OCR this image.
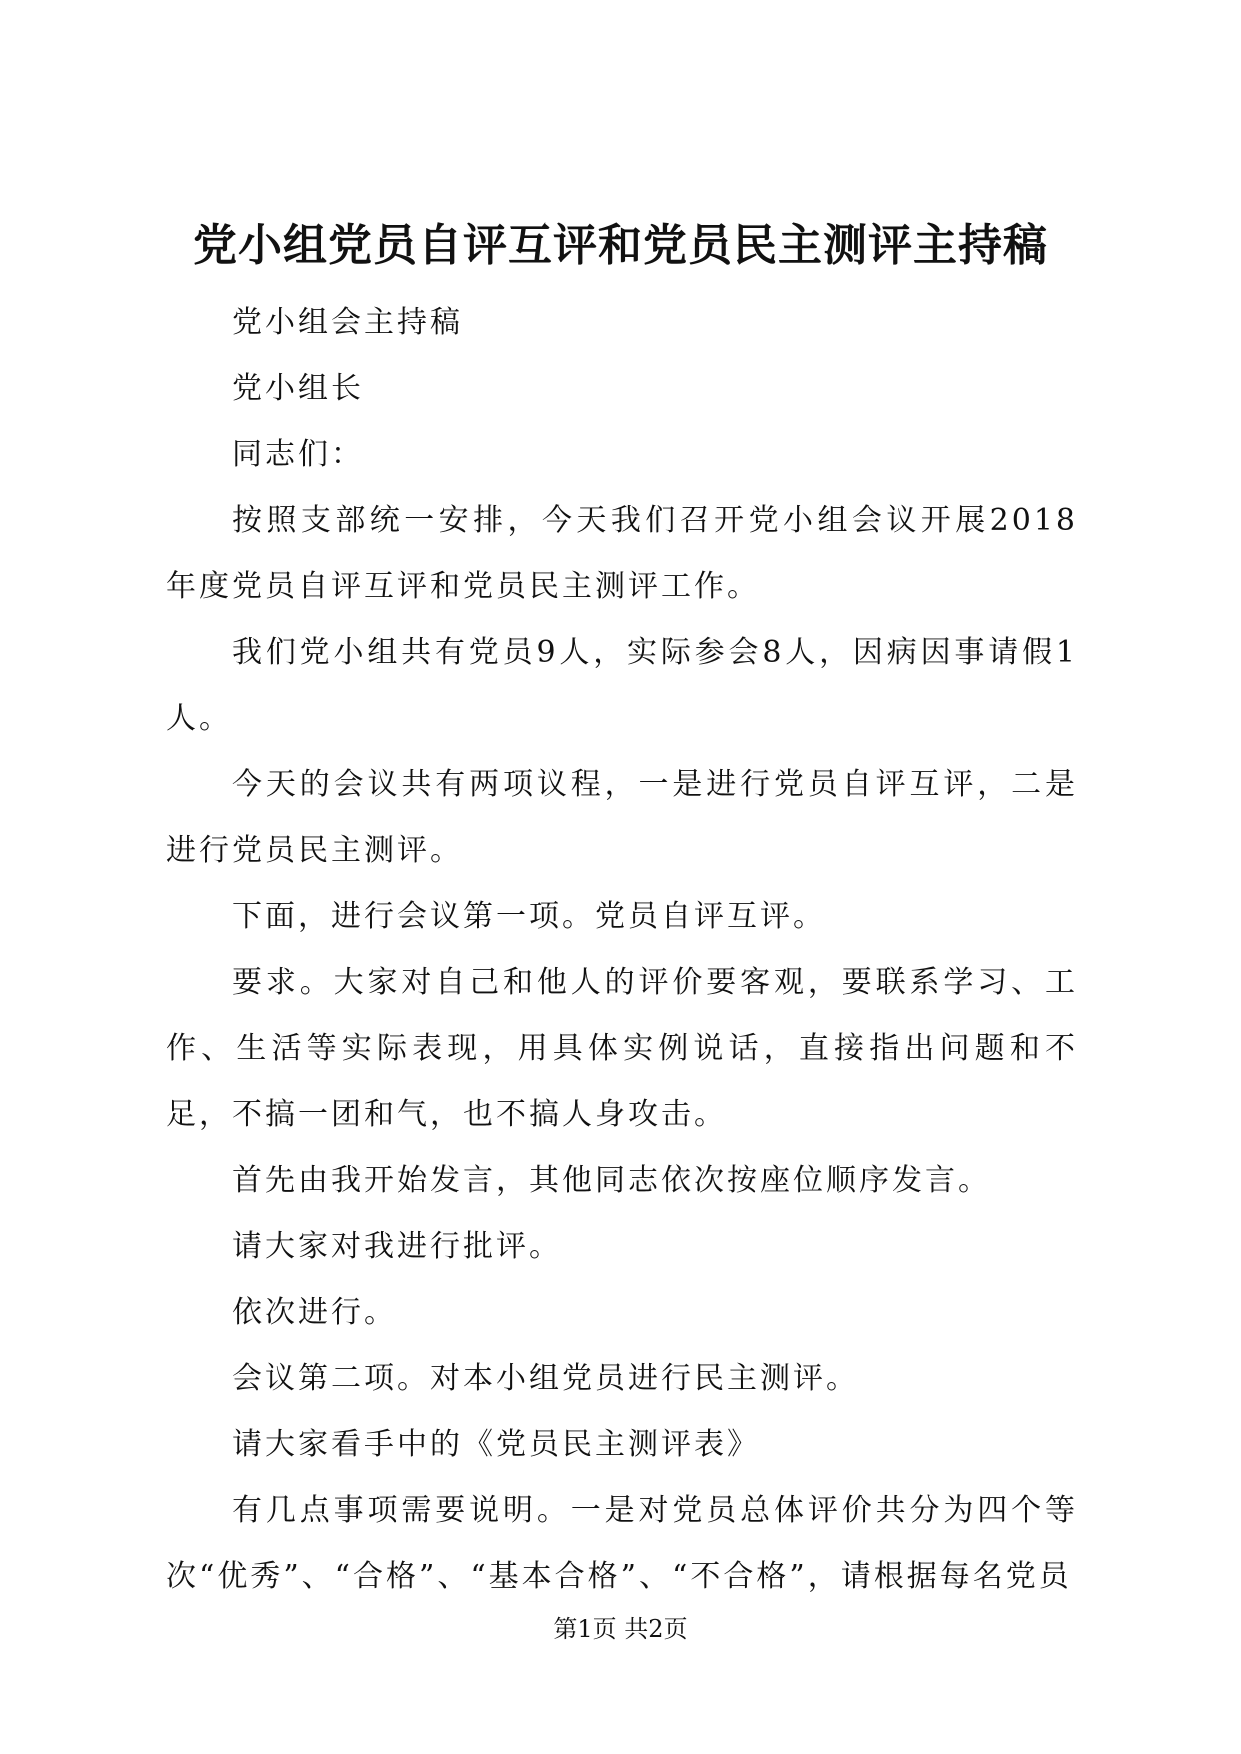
党小组党员自评互评和党员民主测评主持稿

党小组会主持稿

党小组长

同志们：

按照支部统一安排，今天我们召开党小组会议开展2018年度党员自评互评和党员民主测评工作。

我们党小组共有党员9人，实际参会8人，因病因事请假1人。

今天的会议共有两项议程，一是进行党员自评互评，二是进行党员民主测评。

下面，进行会议第一项。党员自评互评。

要求。大家对自己和他人的评价要客观，要联系学习、工作、生活等实际表现，用具体实例说话，直接指出问题和不足，不搞一团和气，也不搞人身攻击。

首先由我开始发言，其他同志依次按座位顺序发言。

请大家对我进行批评。

依次进行。

会议第二项。对本小组党员进行民主测评。

请大家看手中的《党员民主测评表》

有几点事项需要说明。一是对党员总体评价共分为四个等次“优秀”、“合格”、“基本合格”、“不合格”，请根据每名党员

第1页 共2页
